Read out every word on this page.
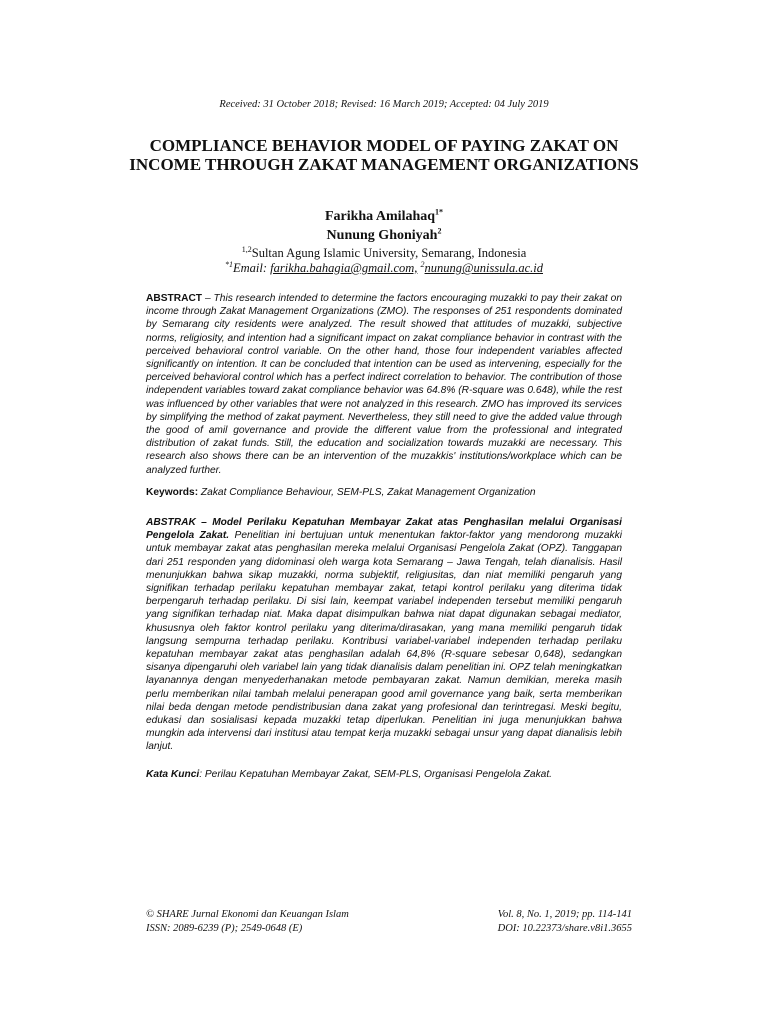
Received: 31 October 2018; Revised: 16 March 2019; Accepted: 04 July 2019
COMPLIANCE BEHAVIOR MODEL OF PAYING ZAKAT ON INCOME THROUGH ZAKAT MANAGEMENT ORGANIZATIONS
Farikha Amilahaq$^{1*}$
Nunung Ghoniyah$^2$
$^{1,2}$Sultan Agung Islamic University, Semarang, Indonesia
$^{*1}$Email: farikha.bahagia@gmail.com, $^2$nunung@unissula.ac.id

ABSTRACT – This research intended to determine the factors encouraging muzakki to pay their zakat on income through Zakat Management Organizations (ZMO). The responses of 251 respondents dominated by Semarang city residents were analyzed. The result showed that attitudes of muzakki, subjective norms, religiosity, and intention had a significant impact on zakat compliance behavior in contrast with the perceived behavioral control variable. On the other hand, those four independent variables affected significantly on intention. It can be concluded that intention can be used as intervening, especially for the perceived behavioral control which has a perfect indirect correlation to behavior. The contribution of those independent variables toward zakat compliance behavior was 64.8% (R-square was 0.648), while the rest was influenced by other variables that were not analyzed in this research. ZMO has improved its services by simplifying the method of zakat payment. Nevertheless, they still need to give the added value through the good of amil governance and provide the different value from the professional and integrated distribution of zakat funds. Still, the education and socialization towards muzakki are necessary. This research also shows there can be an intervention of the muzakkis' institutions/workplace which can be analyzed further.

Keywords: Zakat Compliance Behaviour, SEM-PLS, Zakat Management Organization

ABSTRAK – Model Perilaku Kepatuhan Membayar Zakat atas Penghasilan melalui Organisasi Pengelola Zakat. Penelitian ini bertujuan untuk menentukan faktor-faktor yang mendorong muzakki untuk membayar zakat atas penghasilan mereka melalui Organisasi Pengelola Zakat (OPZ). Tanggapan dari 251 responden yang didominasi oleh warga kota Semarang – Jawa Tengah, telah dianalisis. Hasil menunjukkan bahwa sikap muzakki, norma subjektif, religiusitas, dan niat memiliki pengaruh yang signifikan terhadap perilaku kepatuhan membayar zakat, tetapi kontrol perilaku yang diterima tidak berpengaruh terhadap perilaku. Di sisi lain, keempat variabel independen tersebut memiliki pengaruh yang signifikan terhadap niat. Maka dapat disimpulkan bahwa niat dapat digunakan sebagai mediator, khususnya oleh faktor kontrol perilaku yang diterima/dirasakan, yang mana memiliki pengaruh tidak langsung sempurna terhadap perilaku. Kontribusi variabel-variabel independen terhadap perilaku kepatuhan membayar zakat atas penghasilan adalah 64,8% (R-square sebesar 0,648), sedangkan sisanya dipengaruhi oleh variabel lain yang tidak dianalisis dalam penelitian ini. OPZ telah meningkatkan layanannya dengan menyederhanakan metode pembayaran zakat. Namun demikian, mereka masih perlu memberikan nilai tambah melalui penerapan good amil governance yang baik, serta memberikan nilai beda dengan metode pendistribusian dana zakat yang profesional dan terintregasi. Meski begitu, edukasi dan sosialisasi kepada muzakki tetap diperlukan. Penelitian ini juga menunjukkan bahwa mungkin ada intervensi dari institusi atau tempat kerja muzakki sebagai unsur yang dapat dianalisis lebih lanjut.

Kata Kunci: Perilau Kepatuhan Membayar Zakat, SEM-PLS, Organisasi Pengelola Zakat.
© SHARE Jurnal Ekonomi dan Keuangan Islam
ISSN: 2089-6239 (P); 2549-0648 (E)
Vol. 8, No. 1, 2019; pp. 114-141
DOI: 10.22373/share.v8i1.3655
